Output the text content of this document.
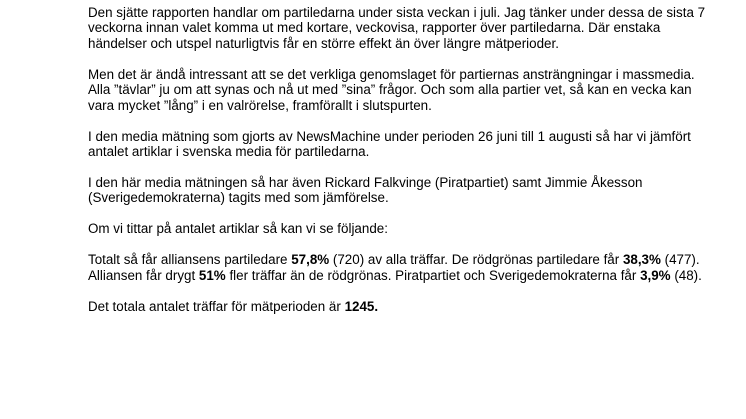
Den sjätte rapporten handlar om partiledarna under sista veckan i juli. Jag tänker under dessa de sista 7 veckorna innan valet komma ut med kortare, veckovisa, rapporter över partiledarna. Där enstaka händelser och utspel naturligtvis får en större effekt än över längre mätperioder.

Men det är ändå intressant att se det verkliga genomslaget för partiernas ansträngningar i massmedia. Alla ”tävlar” ju om att synas och nå ut med ”sina” frågor. Och som alla partier vet, så kan en vecka kan vara mycket ”lång” i en valrörelse, framförallt i slutspurten.

I den media mätning som gjorts av NewsMachine under perioden 26 juni till 1 augusti så har vi jämfört antalet artiklar i svenska media för partiledarna.

I den här media mätningen så har även Rickard Falkvinge (Piratpartiet) samt Jimmie Åkesson (Sverigedemokraterna) tagits med som jämförelse.

Om vi tittar på antalet artiklar så kan vi se följande:

Totalt så får alliansens partiledare 57,8% (720) av alla träffar. De rödgrönas partiledare får 38,3% (477). Alliansen får drygt 51% fler träffar än de rödgrönas. Piratpartiet och Sverigedemokraterna får 3,9% (48).

Det totala antalet träffar för mätperioden är 1245.
